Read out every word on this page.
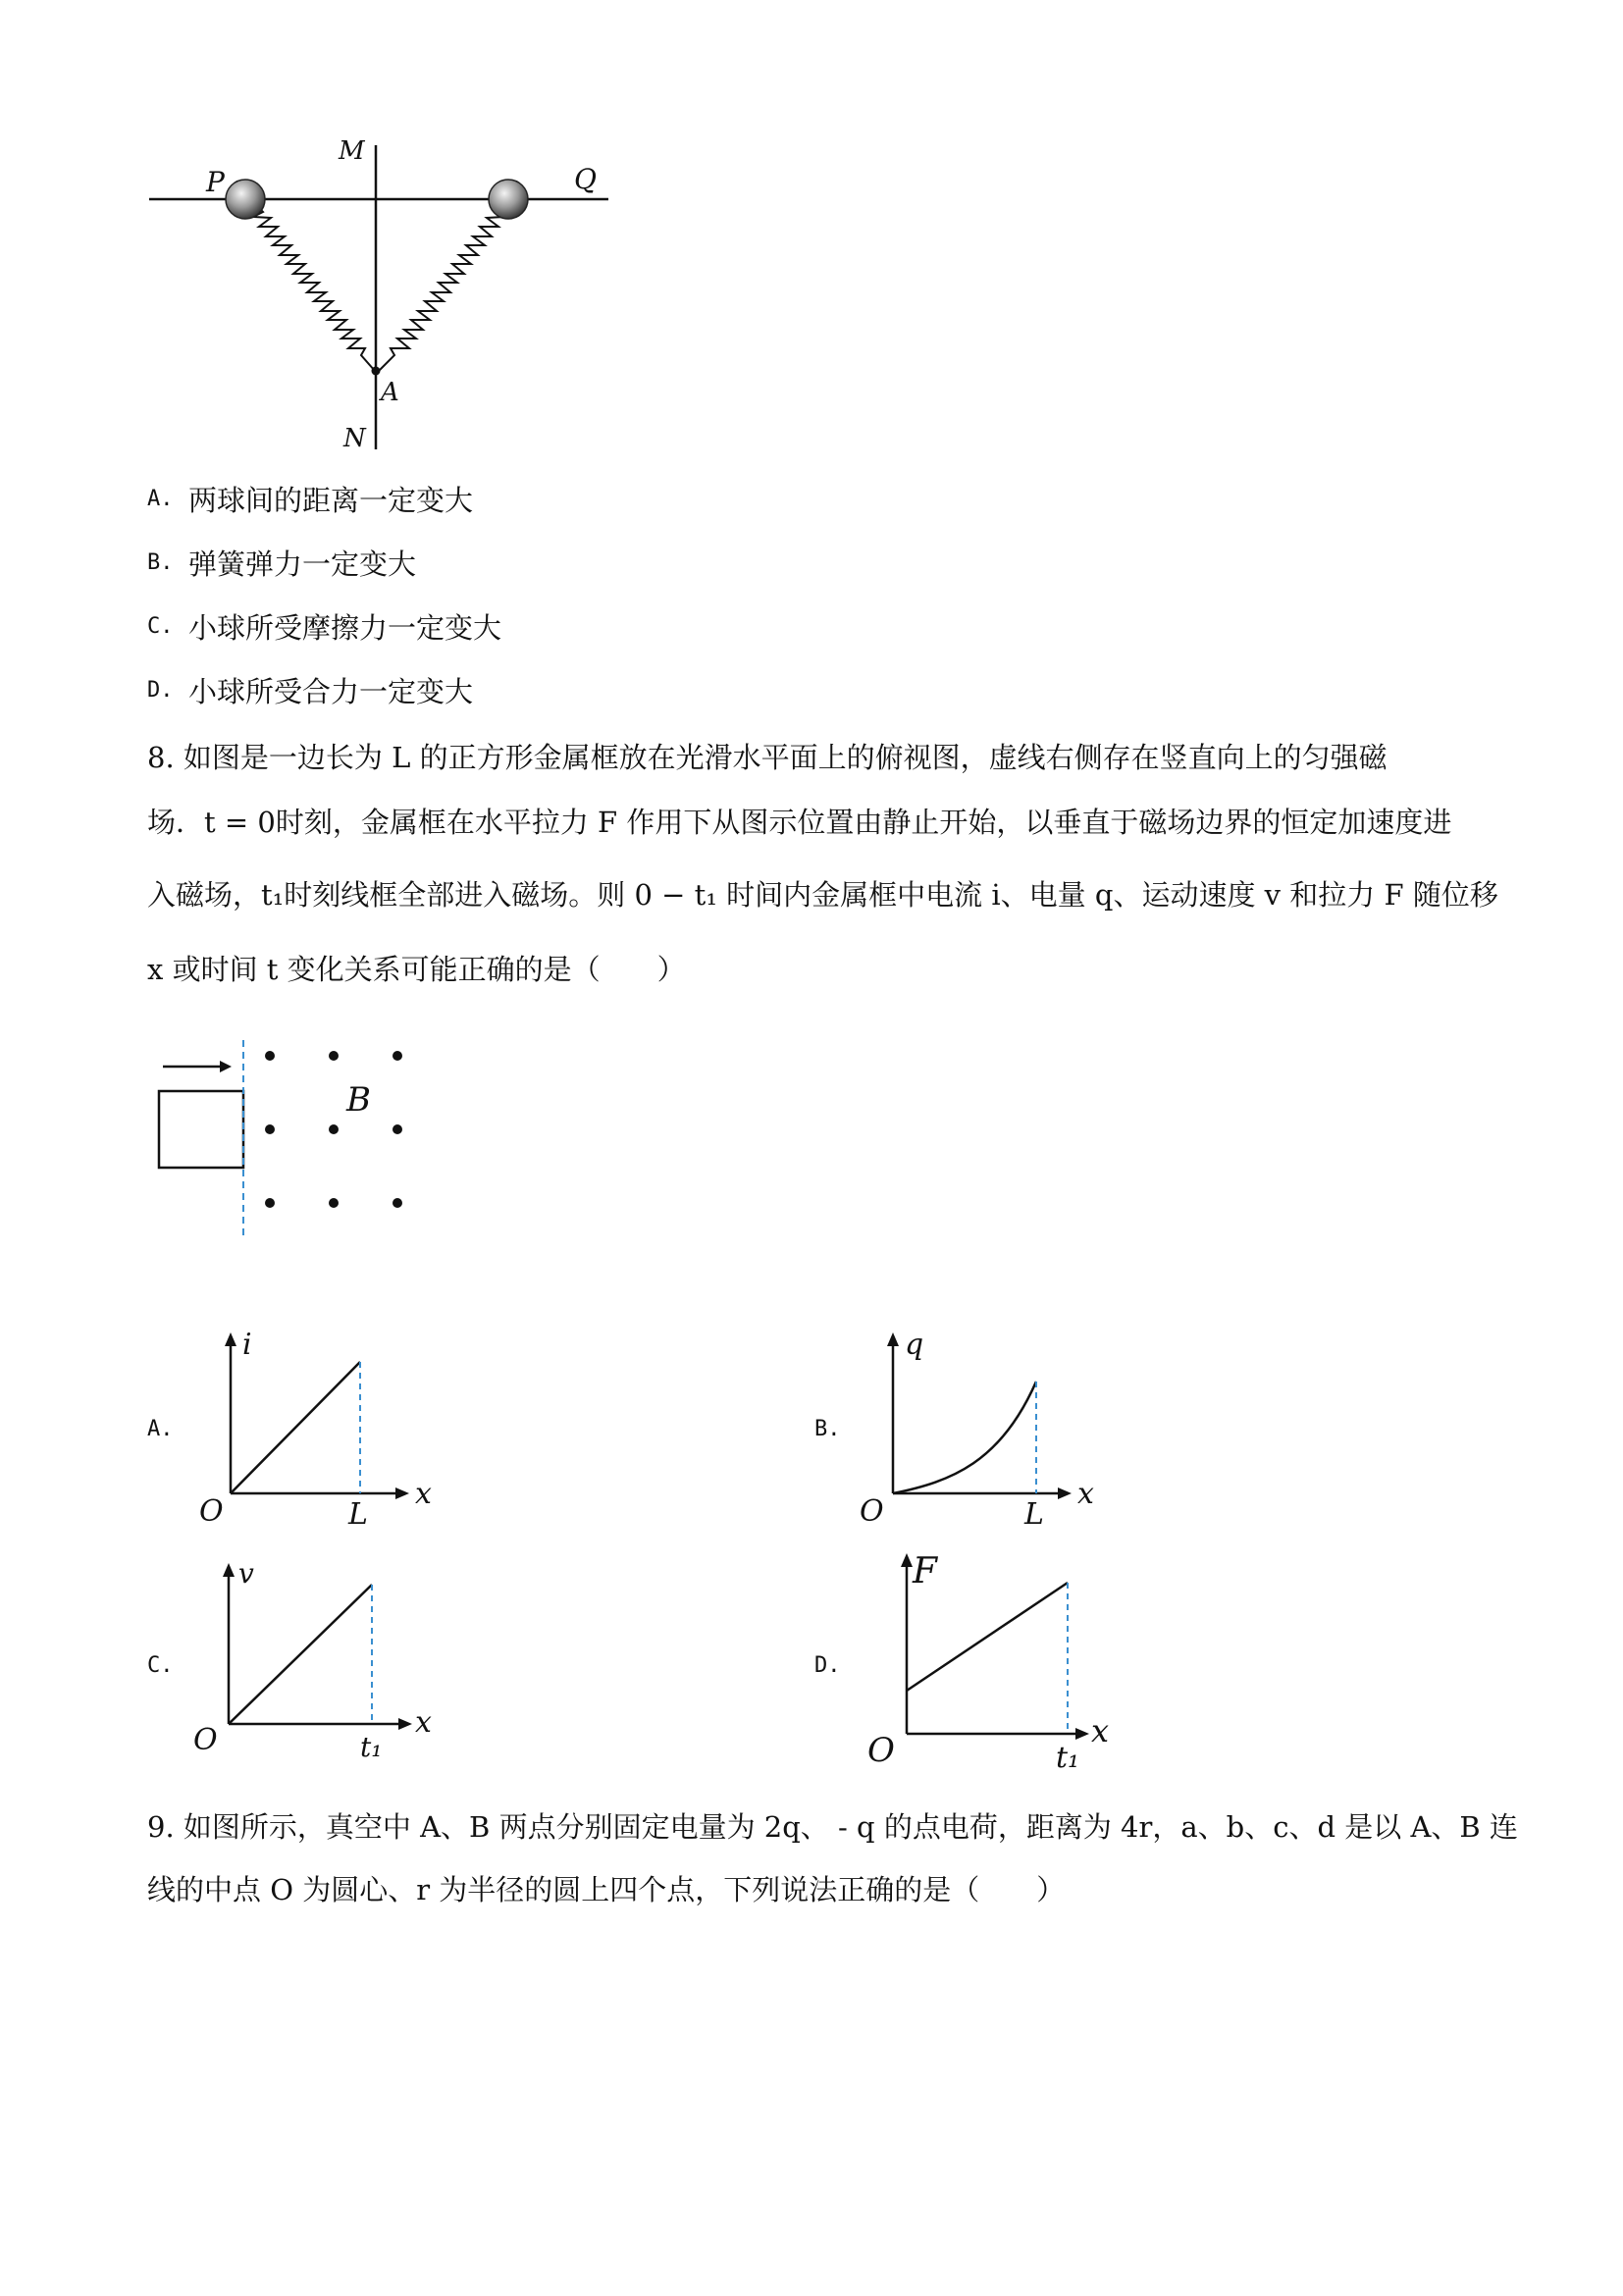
P
M
Q
A
N
A. 两球间的距离一定变大
B. 弹簧弹力一定变大
C. 小球所受摩擦力一定变大
D. 小球所受合力一定变大
8. 如图是一边长为 L 的正方形金属框放在光滑水平面上的俯视图，虚线右侧存在竖直向上的匀强磁
场．t = 0时刻，金属框在水平拉力 F 作用下从图示位置由静止开始，以垂直于磁场边界的恒定加速度进
入磁场，t₁时刻线框全部进入磁场。则 0 − t₁ 时间内金属框中电流 i、电量 q、运动速度 v 和拉力 F 随位移
x 或时间 t 变化关系可能正确的是（　　）
B
A.
i
x
O	L
B.
q
x
O	L
C.
v
x
O	t₁
D.
F
x
O	t₁
9. 如图所示，真空中 A、B 两点分别固定电量为 2q、 - q 的点电荷，距离为 4r，a、b、c、d 是以 A、B 连
线的中点 O 为圆心、r 为半径的圆上四个点，下列说法正确的是（　　）
